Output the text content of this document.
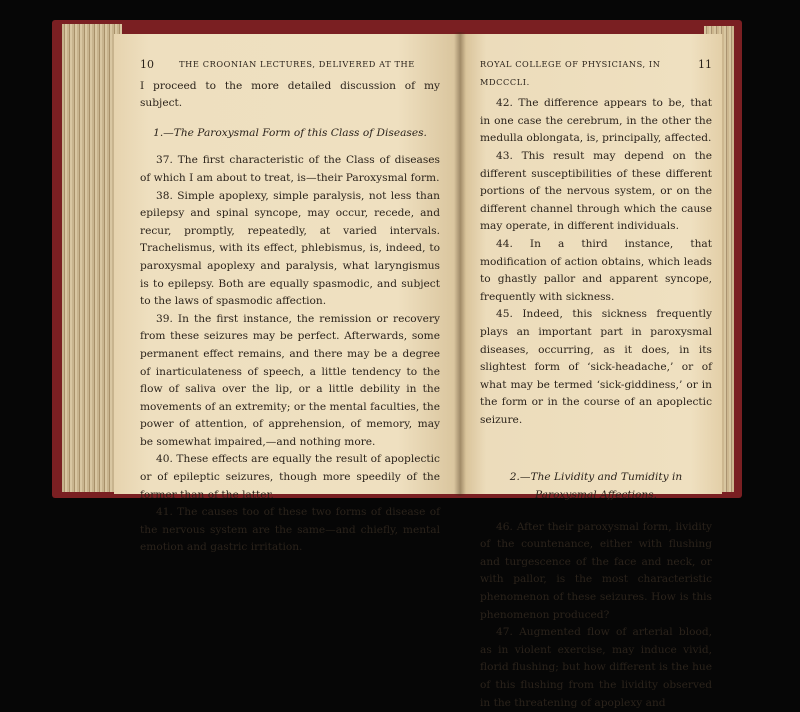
10	THE CROONIAN LECTURES, DELIVERED AT THE

I proceed to the more detailed discussion of my subject.

1.—The Paroxysmal Form of this Class of Diseases.

37. The first characteristic of the Class of diseases of which I am about to treat, is—their Paroxysmal form.

38. Simple apoplexy, simple paralysis, not less than epilepsy and spinal syncope, may occur, recede, and recur, promptly, repeatedly, at varied intervals. Trachelismus, with its effect, phlebismus, is, indeed, to paroxysmal apoplexy and paralysis, what laryngismus is to epilepsy. Both are equally spasmodic, and subject to the laws of spasmodic affection.

39. In the first instance, the remission or recovery from these seizures may be perfect. Afterwards, some permanent effect remains, and there may be a degree of inarticulateness of speech, a little tendency to the flow of saliva over the lip, or a little debility in the movements of an extremity; or the mental faculties, the power of attention, of apprehension, of memory, may be somewhat impaired,—and nothing more.

40. These effects are equally the result of apoplectic or of epileptic seizures, though more speedily of the former than of the latter.

41. The causes too of these two forms of disease of the nervous system are the same—and chiefly, mental emotion and gastric irritation.

ROYAL COLLEGE OF PHYSICIANS, IN MDCCCLI.
11

42. The difference appears to be, that in one case the cerebrum, in the other the medulla oblongata, is, principally, affected.

43. This result may depend on the different susceptibilities of these different portions of the nervous system, or on the different channel through which the cause may operate, in different individuals.

44. In a third instance, that modification of action obtains, which leads to ghastly pallor and apparent syncope, frequently with sickness.

45. Indeed, this sickness frequently plays an important part in paroxysmal diseases, occurring, as it does, in its slightest form of ‘sick-headache,’ or of what may be termed ‘sick-giddiness,’ or in the form or in the course of an apoplectic seizure.

2.—The Lividity and Tumidity in Paroxysmal Affections.

46. After their paroxysmal form, lividity of the countenance, either with flushing and turgescence of the face and neck, or with pallor, is the most characteristic phenomenon of these seizures. How is this phenomenon produced?

47. Augmented flow of arterial blood, as in violent exercise, may induce vivid, florid flushing; but how different is the hue of this flushing from the lividity observed in the threatening of apoplexy and
